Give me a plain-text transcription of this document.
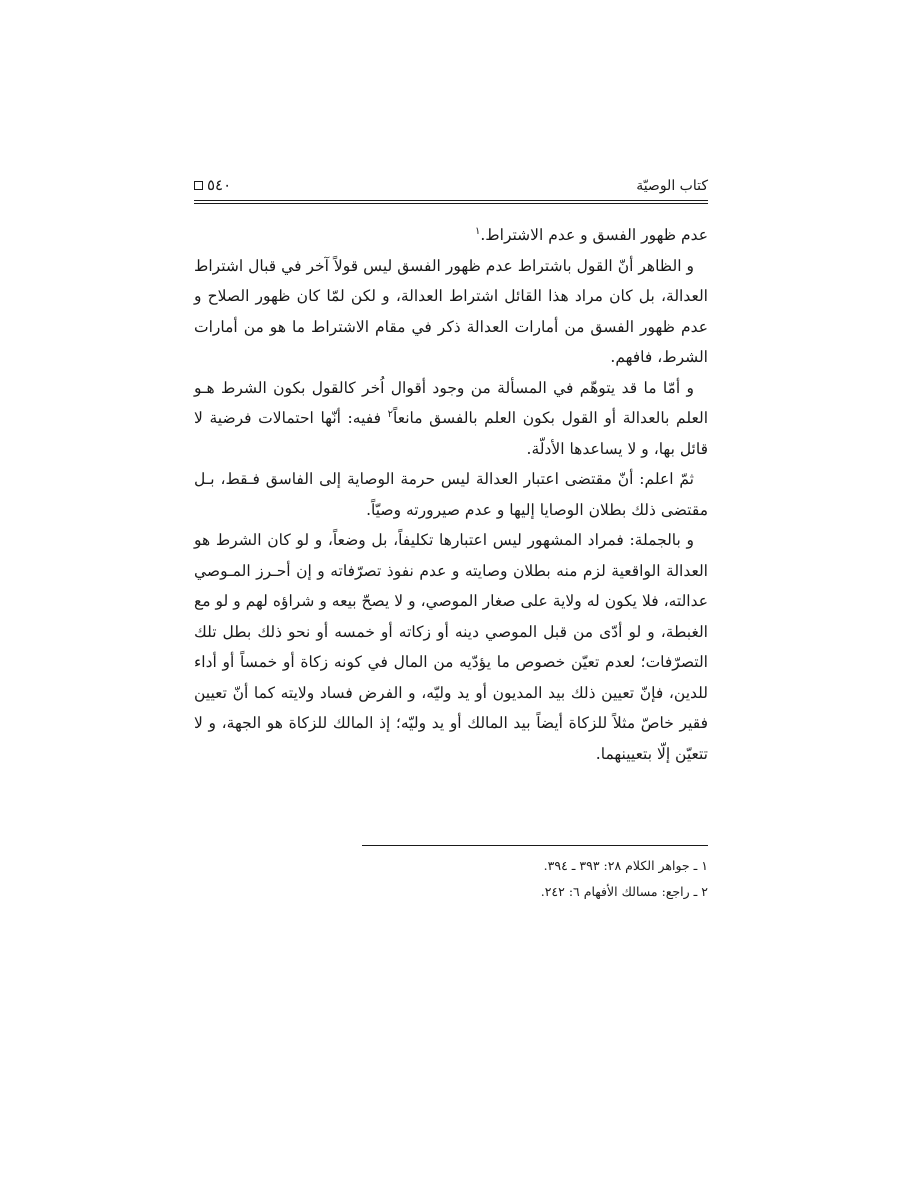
كتاب الوصيّة
٥٤٠

عدم ظهور الفسق و عدم الاشتراط.$^١$

و الظاهر أنّ القول باشتراط عدم ظهور الفسق ليس قولاً آخر في قبال اشتراط العدالة، بل كان مراد هذا القائل اشتراط العدالة، و لكن لمّا كان ظهور الصلاح و عدم ظهور الفسق من أمارات العدالة ذكر في مقام الاشتراط ما هو من أمارات الشرط، فافهم.

و أمّا ما قد يتوهّم في المسألة من وجود أقوال اُخر كالقول بكون الشرط هـو العلم بالعدالة أو القول بكون العلم بالفسق مانعاً$^٢$ ففيه: أنّها احتمالات فرضية لا قائل بها، و لا يساعدها الأدلّة.

ثمّ اعلم: أنّ مقتضى اعتبار العدالة ليس حرمة الوصاية إلى الفاسق فـقط، بـل مقتضى ذلك بطلان الوصايا إليها و عدم صيرورته وصيّاً.

و بالجملة: فمراد المشهور ليس اعتبارها تكليفاً، بل وضعاً، و لو كان الشرط هو العدالة الواقعية لزم منه بطلان وصايته و عدم نفوذ تصرّفاته و إن أحـرز المـوصي عدالته، فلا يكون له ولاية على صغار الموصي، و لا يصحّ بيعه و شراؤه لهم و لو مع الغبطة، و لو أدّى من قبل الموصي دينه أو زكاته أو خمسه أو نحو ذلك بطل تلك التصرّفات؛ لعدم تعيّن خصوص ما يؤدّيه من المال في كونه زكاة أو خمساً أو أداء للدين، فإنّ تعيين ذلك بيد المديون أو يد وليّه، و الفرض فساد ولايته كما أنّ تعيين فقير خاصّ مثلاً للزكاة أيضاً بيد المالك أو يد وليّه؛ إذ المالك للزكاة هو الجهة، و لا تتعيّن إلّا بتعيينهما.

١ ـ جواهر الكلام ٢٨: ٣٩٣ ـ ٣٩٤.

٢ ـ راجع: مسالك الأفهام ٦: ٢٤٢.
